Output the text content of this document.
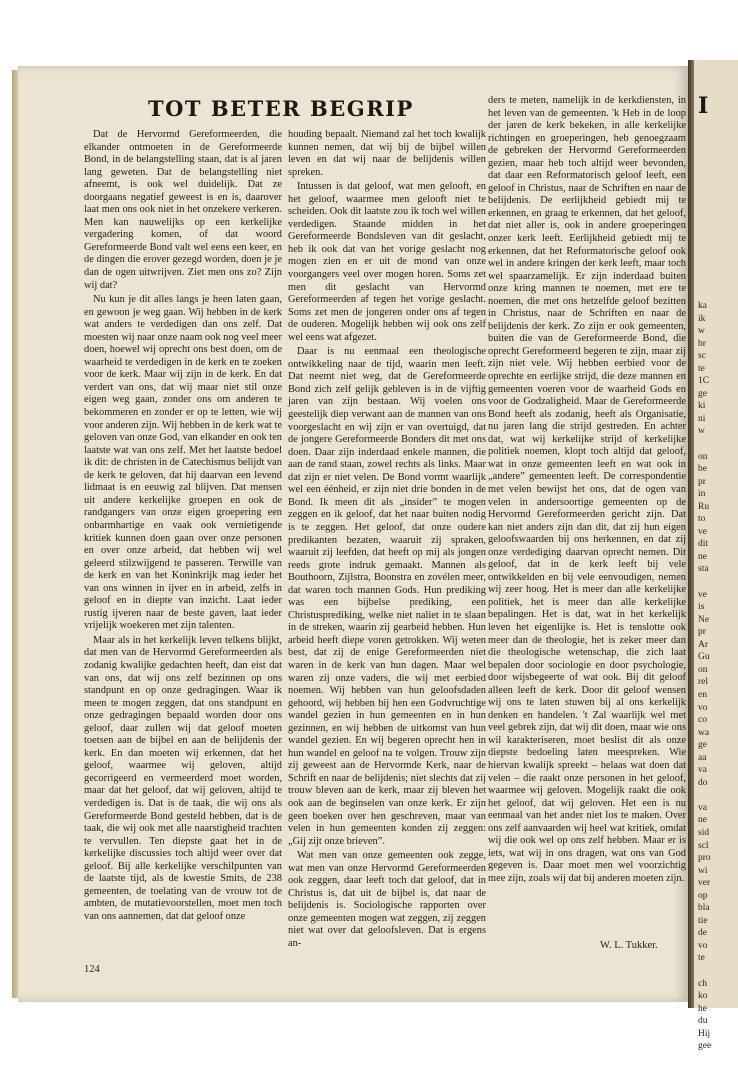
ka
ik
w
br
sc
te
1C
ge
ki
ni
w
on
be
pr
in
Ru
to
ve
dit
ne
sta
ve
is
Ne
pr
Ar
Gu
on
rel
en
vo
co
wa
ge
aa
va
do
va
ne
sid
scl
pro
wi
ver
op
bla
tie
de
vo
te
ch
ko
he
du
Hij
gee

I

TOT BETER BEGRIP

Dat de Hervormd Gereformeerden, die elkander ontmoeten in de Gereformeerde Bond, in de belangstelling staan, dat is al jaren lang geweten. Dat de belangstelling niet afneemt, is ook wel duidelijk. Dat ze doorgaans negatief geweest is en is, daarover laat men ons ook niet in het onzekere verkeren. Men kan nauwelijks op een kerkelijke vergadering komen, of dat woord Gereformeerde Bond valt wel eens een keer, en de dingen die erover gezegd worden, doen je je dan de ogen uitwrijven. Ziet men ons zo? Zijn wij dat?

Nu kun je dit alles langs je heen laten gaan, en gewoon je weg gaan. Wij hebben in de kerk wat anders te verdedigen dan ons zelf. Dat moesten wij naar onze naam ook nog veel meer doen, hoewel wij oprecht ons best doen, om de waarheid te verdedigen in de kerk en te zoeken voor de kerk. Maar wij zijn in de kerk. En dat verdert van ons, dat wij maar niet stil onze eigen weg gaan, zonder ons om anderen te bekommeren en zonder er op te letten, wie wij voor anderen zijn. Wij hebben in de kerk wat te geloven van onze God, van elkander en ook ten laatste wat van ons zelf. Met het laatste bedoel ik dit: de christen in de Catechismus belijdt van de kerk te geloven, dat hij daarvan een levend lidmaat is en eeuwig zal blijven. Dat mensen uit andere kerkelijke groepen en ook de randgangers van onze eigen groepering een onbarmhartige en vaak ook vernietigende kritiek kunnen doen gaan over onze personen en over onze arbeid, dat hebben wij wel geleerd stilzwijgend te passeren. Terwille van de kerk en van het Koninkrijk mag ieder het van ons winnen in ijver en in arbeid, zelfs in geloof en in diepte van inzicht. Laat ieder rustig ijveren naar de beste gaven, laat ieder vrijelijk woekeren met zijn talenten.

Maar als in het kerkelijk leven telkens blijkt, dat men van de Hervormd Gereformeerden als zodanig kwalijke gedachten heeft, dan eist dat van ons, dat wij ons zelf bezinnen op ons standpunt en op onze gedragingen. Waar ik meen te mogen zeggen, dat ons standpunt en onze gedragingen bepaald worden door ons geloof, daar zullen wij dat geloof moeten toetsen aan de bijbel en aan de belijdenis der kerk. En dan moeten wij erkennen, dat het geloof, waarmee wij geloven, altijd gecorrigeerd en vermeerderd moet worden, maar dat het geloof, dat wij geloven, altijd te verdedigen is. Dat is de taak, die wij ons als Gereformeerde Bond gesteld hebben, dat is de taak, die wij ook met alle naarstigheid trachten te vervullen. Ten diepste gaat het in de kerkelijke discussies toch altijd weer over dat geloof. Bij alle kerkelijke verschilpunten van de laatste tijd, als de kwestie Smits, de 238 gemeenten, de toelating van de vrouw tot de ambten, de mutatievoorstellen, moet men toch van ons aannemen, dat dat geloof onze

houding bepaalt. Niemand zal het toch kwalijk kunnen nemen, dat wij bij de bijbel willen leven en dat wij naar de belijdenis willen spreken.

Intussen is dat geloof, wat men gelooft, en het geloof, waarmee men gelooft niet te scheiden. Ook dit laatste zou ik toch wel willen verdedigen. Staande midden in het Gereformeerde Bondsleven van dit geslacht, heb ik ook dat van het vorige geslacht nog mogen zien en er uit de mond van onze voorgangers veel over mogen horen. Soms zet men dit geslacht van Hervormd Gereformeerden af tegen het vorige geslacht. Soms zet men de jongeren onder ons af tegen de ouderen. Mogelijk hebben wij ook ons zelf wel eens wat afgezet.

Daar is nu eenmaal een theologische ontwikkeling naar de tijd, waarin men leeft. Dat neemt niet weg, dat de Gereformeerde Bond zich zelf gelijk gebleven is in de vijftig jaren van zijn bestaan. Wij voelen ons geestelijk diep verwant aan de mannen van ons voorgeslacht en wij zijn er van overtuigd, dat de jongere Gereformeerde Bonders dit met ons doen. Daar zijn inderdaad enkele mannen, die aan de rand staan, zowel rechts als links. Maar dat zijn er niet velen. De Bond vormt waarlijk wel een éénheid, er zijn niet drie bonden in de Bond. Ik meen dit als „insider” te mogen zeggen en ik geloof, dat het naar buiten nodig is te zeggen. Het geloof, dat onze oudere predikanten bezaten, waaruit zij spraken, waaruit zij leefden, dat heeft op mij als jongen reeds grote indruk gemaakt. Mannen als Bouthoorn, Zijlstra, Boonstra en zovélen meer, dat waren toch mannen Gods. Hun prediking was een bijbelse prediking, een Christusprediking, welke niet naliet in te slaan in de streken, waarin zij gearbeid hebben. Hun arbeid heeft diepe voren getrokken. Wij weten best, dat zij de enige Gereformeerden niet waren in de kerk van hun dagen. Maar wel waren zij onze vaders, die wij met eerbied noemen. Wij hebben van hun geloofsdaden gehoord, wij hebben bij hen een Godvruchtige wandel gezien in hun gemeenten en in hun gezinnen, en wij hebben de uitkomst van hun wandel gezien. En wij begeren oprecht hen in hun wandel en geloof na te volgen. Trouw zijn zij geweest aan de Hervormde Kerk, naar de Schrift en naar de belijdenis; niet slechts dat zij trouw bleven aan de kerk, maar zij bleven het ook aan de beginselen van onze kerk. Er zijn geen boeken over hen geschreven, maar van velen in hun gemeenten konden zij zeggen: „Gij zijt onze brieven”.

Wat men van onze gemeenten ook zegge, wat men van onze Hervormd Gereformeerden ook zeggen, daar leeft toch dat geloof, dat in Christus is, dat uit de bijbel is, dat naar de belijdenis is. Sociologische rapporten over onze gemeenten mogen wat zeggen, zij zeggen niet wat over dat geloofsleven. Dat is ergens an-

ders te meten, namelijk in de kerkdiensten, in het leven van de gemeenten. 'k Heb in de loop der jaren de kerk bekeken, in alle kerkelijke richtingen en groeperingen, heb genoegzaam de gebreken der Hervormd Gereformeerden gezien, maar heb toch altijd weer bevonden, dat daar een Reformatorisch geloof leeft, een geloof in Christus, naar de Schriften en naar de belijdenis. De eerlijkheid gebiedt mij te erkennen, en graag te erkennen, dat het geloof, dat niet aller is, ook in andere groeperingen onzer kerk leeft. Eerlijkheid gebiedt mij te erkennen, dat het Reformatorische geloof ook wel in andere kringen der kerk leeft, maar toch wel spaarzamelijk. Er zijn inderdaad buiten onze kring mannen te noemen, met ere te noemen, die met ons hetzelfde geloof bezitten in Christus, naar de Schriften en naar de belijdenis der kerk. Zo zijn er ook gemeenten, buiten die van de Gereformeerde Bond, die oprecht Gereformeerd begeren te zijn, maar zij zijn niet vele. Wij hebben eerbied voor de oprechte en eerlijke strijd, die deze mannen en gemeenten voeren voor de waarheid Gods en voor de Godzaligheid. Maar de Gereformeerde Bond heeft als zodanig, heeft als Organisatie, nu jaren lang die strijd gestreden. En achter dat, wat wij kerkelijke strijd of kerkelijke politiek noemen, klopt toch altijd dat geloof, wat in onze gemeenten leeft en wat ook in „andere” gemeenten leeft. De correspondentie met velen bewijst het ons, dat de ogen van velen in andersoortige gemeenten op de Hervormd Gereformeerden gericht zijn. Dat kan niet anders zijn dan dit, dat zij hun eigen geloofswaarden bij ons herkennen, en dat zij onze verdediging daarvan oprecht nemen. Dit geloof, dat in de kerk leeft bij vele ontwikkelden en bij vele eenvoudigen, nemen wij zeer hoog. Het is meer dan alle kerkelijke politiek, het is meer dan alle kerkelijke bepalingen. Het is dat, wat in het kerkelijk leven het eigenlijke is. Het is tenslotte ook meer dan de theologie, het is zeker meer dan die theologische wetenschap, die zich laat bepalen door sociologie en door psychologie, door wijsbegeerte of wat ook. Bij dit geloof alleen leeft de kerk. Door dit geloof wensen wij ons te laten stuwen bij al ons kerkelijk denken en handelen. 't Zal waarlijk wel met veel gebrek zijn, dat wij dit doen, maar wie ons wil karakteriseren, moet beslist dit als onze diepste bedoeling laten meespreken. Wie hiervan kwalijk spreekt – helaas wat doen dat velen – die raakt onze personen in het geloof, waarmee wij geloven. Mogelijk raakt die ook het geloof, dat wij geloven. Het een is nu eenmaal van het ander niet los te maken. Over ons zelf aanvaarden wij heel wat kritiek, omdat wij die ook wel op ons zelf hebben. Maar er is iets, wat wij in ons dragen, wat ons van God gegeven is. Daar moet men wel voorzichtig mee zijn, zoals wij dat bij anderen moeten zijn.

W. L. Tukker.

124
